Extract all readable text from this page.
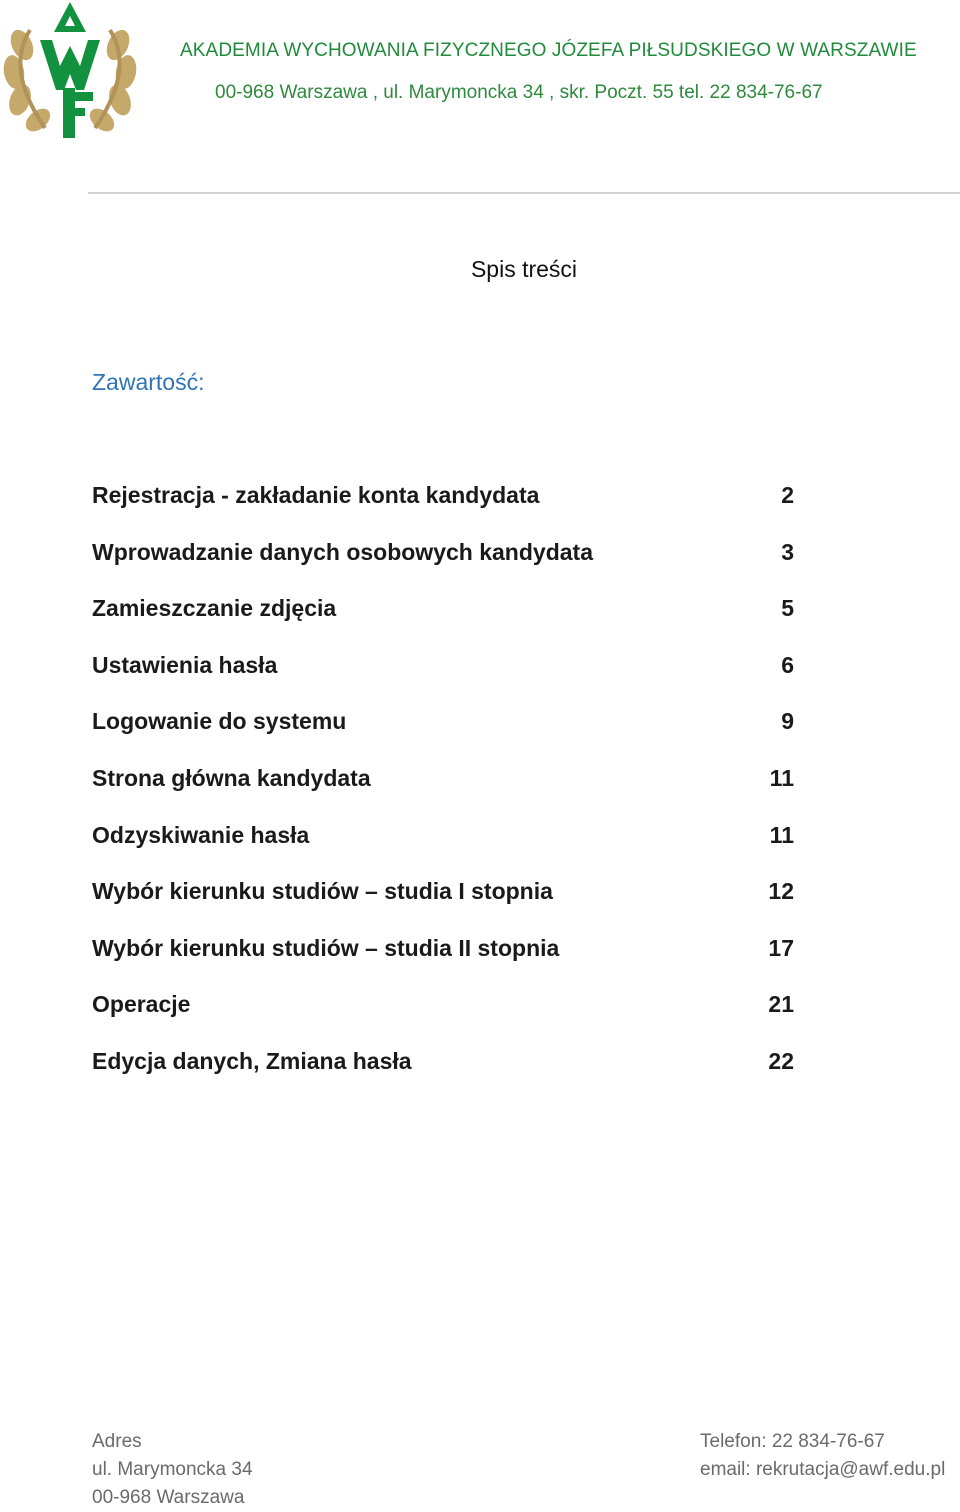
AKADEMIA WYCHOWANIA FIZYCZNEGO JÓZEFA PIŁSUDSKIEGO W WARSZAWIE
00-968 Warszawa , ul. Marymoncka 34 , skr. Poczt. 55 tel. 22 834-76-67
Spis treści
Zawartość:
Rejestracja - zakładanie konta kandydata	2
Wprowadzanie danych osobowych kandydata	3
Zamieszczanie zdjęcia	5
Ustawienia hasła	6
Logowanie do systemu	9
Strona główna kandydata	11
Odzyskiwanie hasła	11
Wybór kierunku studiów – studia I stopnia	12
Wybór kierunku studiów – studia II stopnia	17
Operacje	21
Edycja danych, Zmiana hasła	22
Adres
ul. Marymoncka 34
00-968 Warszawa
Telefon: 22 834-76-67
email: rekrutacja@awf.edu.pl
